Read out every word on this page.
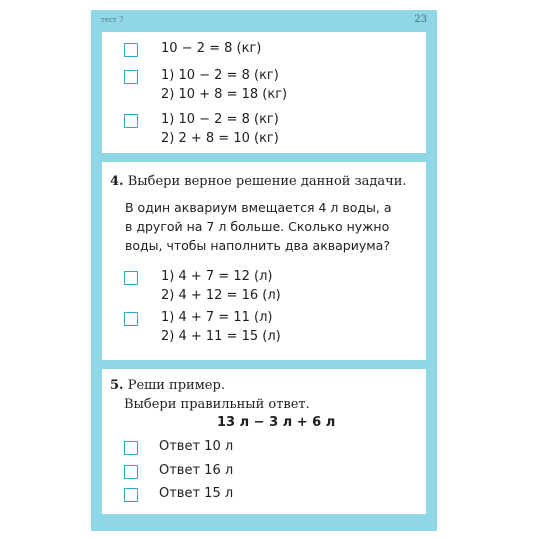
тест 7	23
10 − 2 = 8 (кг)
1) 10 − 2 = 8 (кг)
2) 10 + 8 = 18 (кг)
1) 10 − 2 = 8 (кг)
2) 2 + 8 = 10 (кг)
4. Выбери верное решение данной задачи.
В один аквариум вмещается 4 л воды, а
в другой на 7 л больше. Сколько нужно
воды, чтобы наполнить два аквариума?
1) 4 + 7 = 12 (л)
2) 4 + 12 = 16 (л)
1) 4 + 7 = 11 (л)
2) 4 + 11 = 15 (л)
5. Реши пример.
Выбери правильный ответ.
13 л − 3 л + 6 л
Ответ 10 л
Ответ 16 л
Ответ 15 л
